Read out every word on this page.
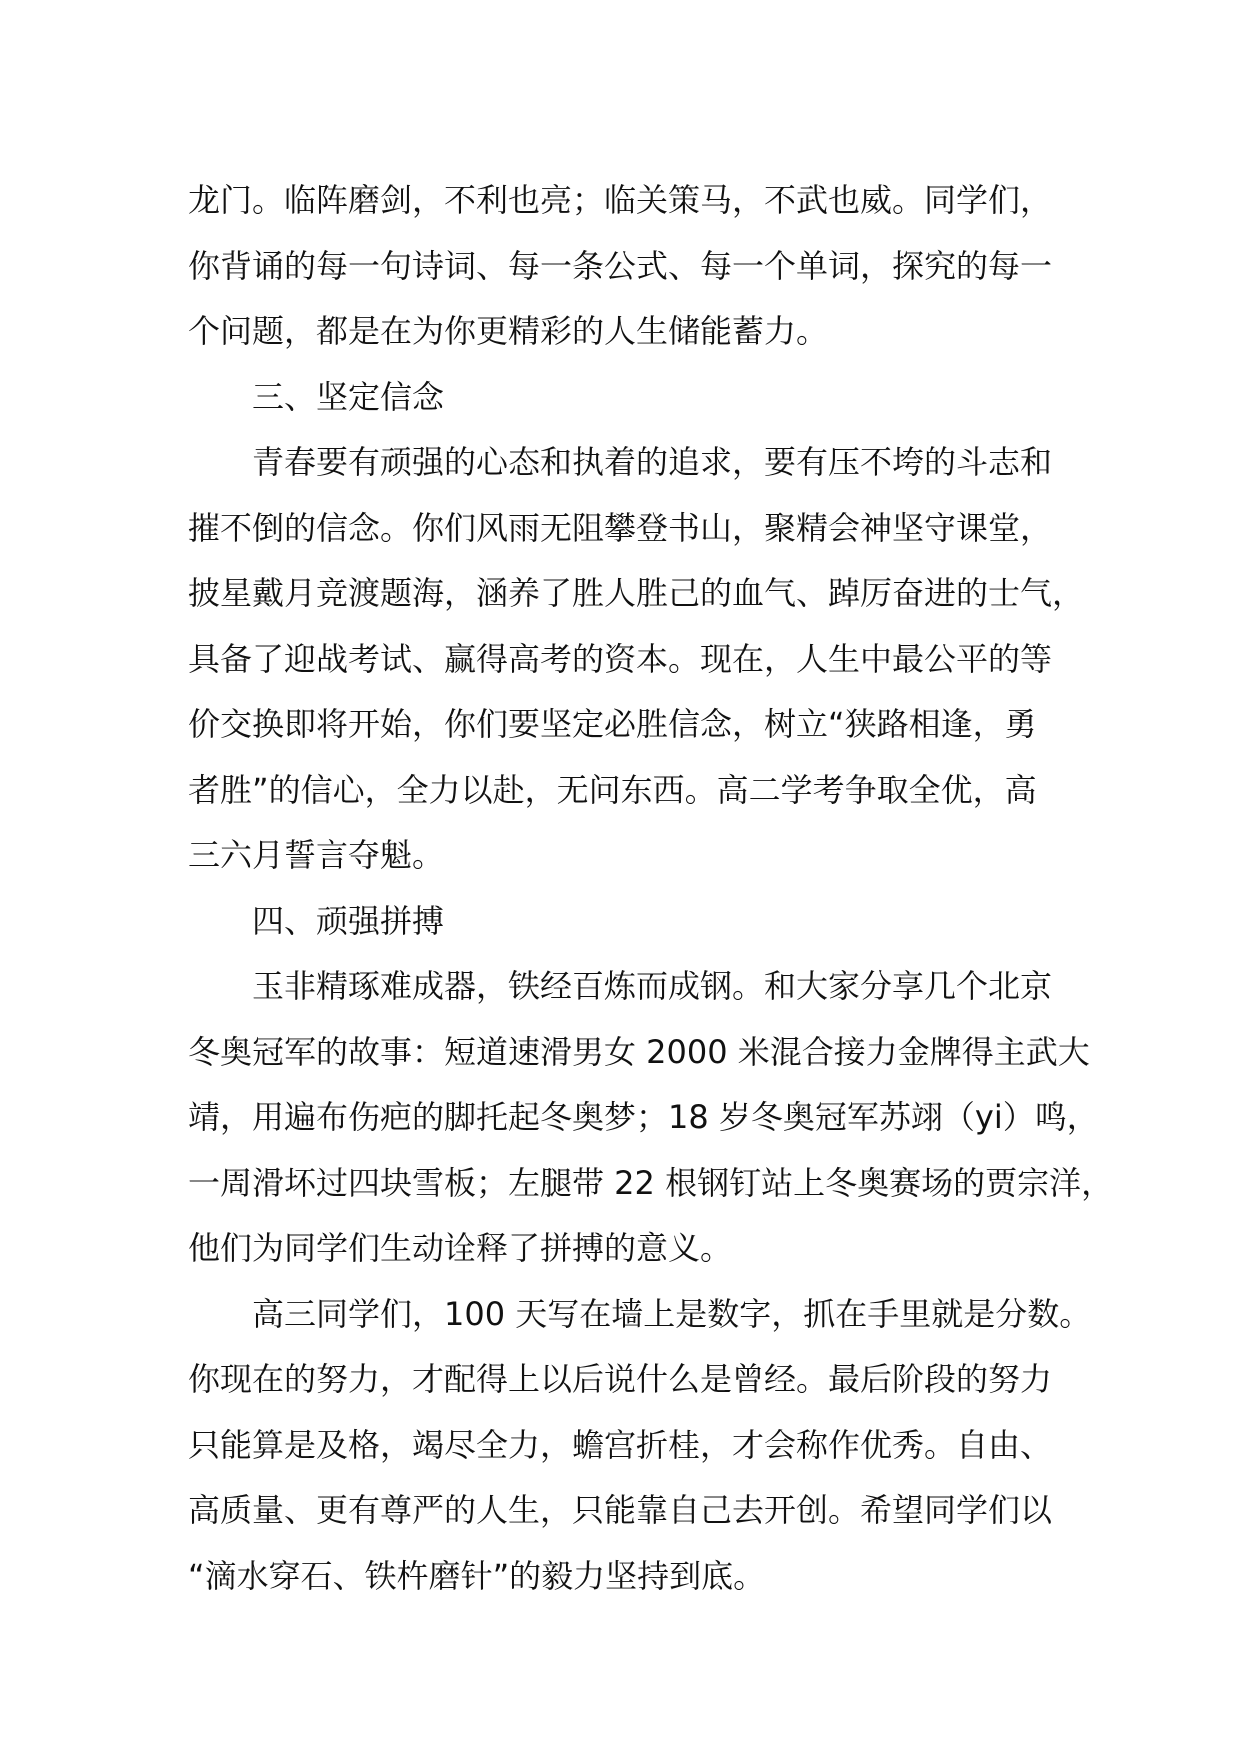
龙门。临阵磨剑，不利也亮；临关策马，不武也威。同学们，
你背诵的每一句诗词、每一条公式、每一个单词，探究的每一
个问题，都是在为你更精彩的人生储能蓄力。
三、坚定信念
青春要有顽强的心态和执着的追求，要有压不垮的斗志和
摧不倒的信念。你们风雨无阻攀登书山，聚精会神坚守课堂，
披星戴月竞渡题海，涵养了胜人胜己的血气、踔厉奋进的士气，
具备了迎战考试、赢得高考的资本。现在，人生中最公平的等
价交换即将开始，你们要坚定必胜信念，树立“狭路相逢，勇
者胜”的信心，全力以赴，无问东西。高二学考争取全优，高
三六月誓言夺魁。
四、顽强拼搏
玉非精琢难成器，铁经百炼而成钢。和大家分享几个北京
冬奥冠军的故事：短道速滑男女 2000 米混合接力金牌得主武大
靖，用遍布伤疤的脚托起冬奥梦；18 岁冬奥冠军苏翊（yi）鸣，
一周滑坏过四块雪板；左腿带 22 根钢钉站上冬奥赛场的贾宗洋，
他们为同学们生动诠释了拼搏的意义。
高三同学们，100 天写在墙上是数字，抓在手里就是分数。
你现在的努力，才配得上以后说什么是曾经。最后阶段的努力
只能算是及格，竭尽全力，蟾宫折桂，才会称作优秀。自由、
高质量、更有尊严的人生，只能靠自己去开创。希望同学们以
“滴水穿石、铁杵磨针”的毅力坚持到底。
